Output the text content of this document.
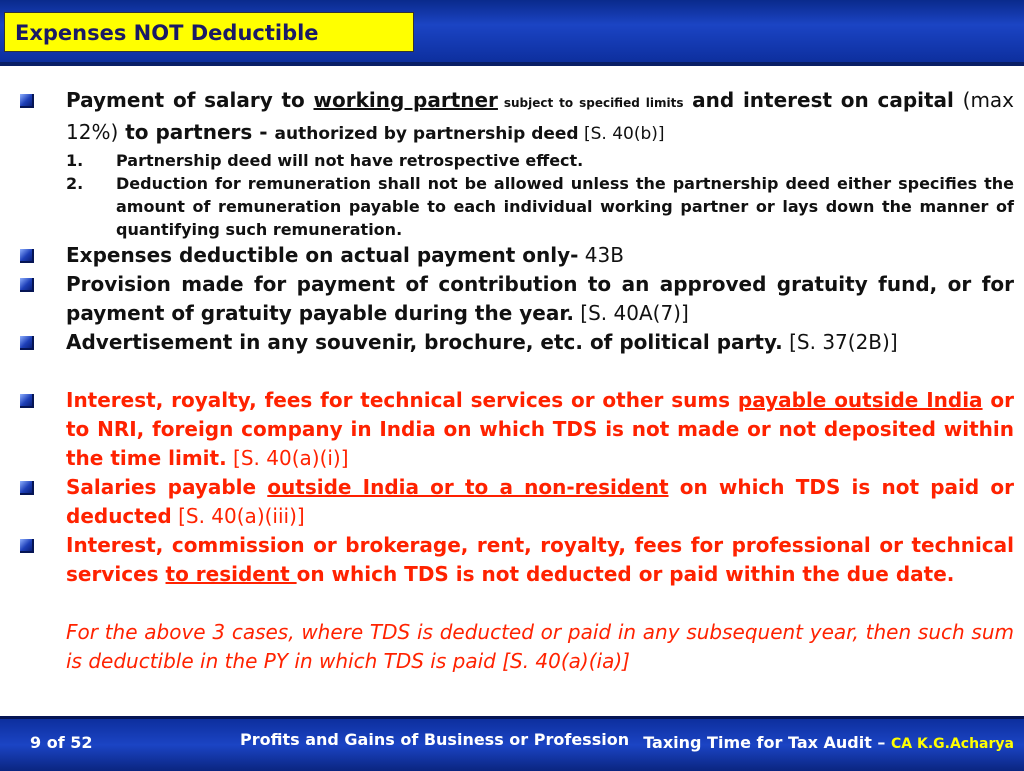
Expenses NOT Deductible
Payment of salary to working partner subject to specified limits and interest on capital (max 12%) to partners - authorized by partnership deed [S. 40(b)]
1. Partnership deed will not have retrospective effect.
2. Deduction for remuneration shall not be allowed unless the partnership deed either specifies the amount of remuneration payable to each individual working partner or lays down the manner of quantifying such remuneration.
Expenses deductible on actual payment only- 43B
Provision made for payment of contribution to an approved gratuity fund, or for payment of gratuity payable during the year. [S. 40A(7)]
Advertisement in any souvenir, brochure, etc. of political party. [S. 37(2B)]
Interest, royalty, fees for technical services or other sums payable outside India or to NRI, foreign company in India on which TDS is not made or not deposited within the time limit. [S. 40(a)(i)]
Salaries payable outside India or to a non-resident on which TDS is not paid or deducted [S. 40(a)(iii)]
Interest, commission or brokerage, rent, royalty, fees for professional or technical services to resident on which TDS is not deducted or paid within the due date.
For the above 3 cases, where TDS is deducted or paid in any subsequent year, then such sum is deductible in the PY in which TDS is paid [S. 40(a)(ia)]
9 of 52	Profits and Gains of Business or Profession Taxing Time for Tax Audit – CA K.G.Acharya
